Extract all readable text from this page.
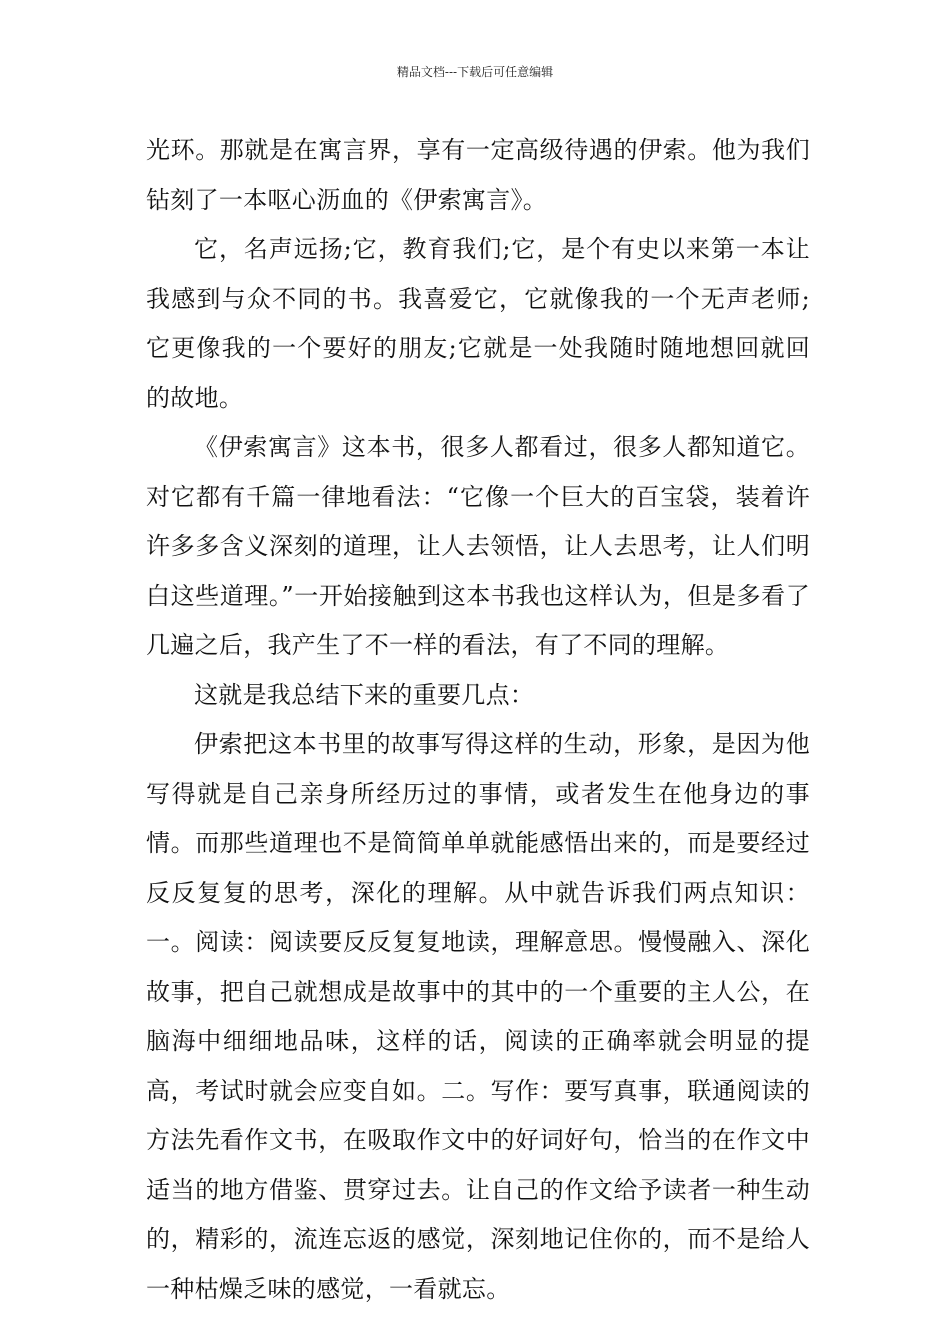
精品文档---下载后可任意编辑

光环。那就是在寓言界，享有一定高级待遇的伊索。他为我们钻刻了一本呕心沥血的《伊索寓言》。

它，名声远扬;它，教育我们;它，是个有史以来第一本让我感到与众不同的书。我喜爱它，它就像我的一个无声老师;它更像我的一个要好的朋友;它就是一处我随时随地想回就回的故地。

《伊索寓言》这本书，很多人都看过，很多人都知道它。对它都有千篇一律地看法：“它像一个巨大的百宝袋，装着许许多多含义深刻的道理，让人去领悟，让人去思考，让人们明白这些道理。”一开始接触到这本书我也这样认为，但是多看了几遍之后，我产生了不一样的看法，有了不同的理解。

这就是我总结下来的重要几点：

伊索把这本书里的故事写得这样的生动，形象，是因为他写得就是自己亲身所经历过的事情，或者发生在他身边的事情。而那些道理也不是简简单单就能感悟出来的，而是要经过反反复复的思考，深化的理解。从中就告诉我们两点知识：一。阅读：阅读要反反复复地读，理解意思。慢慢融入、深化故事，把自己就想成是故事中的其中的一个重要的主人公，在脑海中细细地品味，这样的话，阅读的正确率就会明显的提高，考试时就会应变自如。二。写作：要写真事，联通阅读的方法先看作文书，在吸取作文中的好词好句，恰当的在作文中适当的地方借鉴、贯穿过去。让自己的作文给予读者一种生动的，精彩的，流连忘返的感觉，深刻地记住你的，而不是给人一种枯燥乏味的感觉，一看就忘。
